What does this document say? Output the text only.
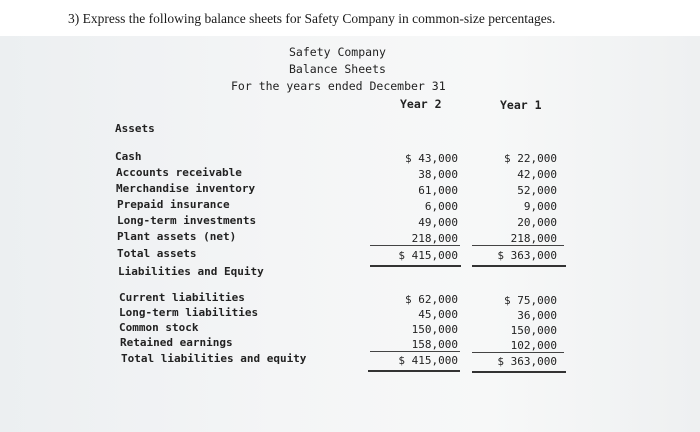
3) Express the following balance sheets for Safety Company in common-size percentages.
Safety Company
Balance Sheets
For the years ended December 31
Year 2	Year 1
Assets
Cash	$ 43,000	$ 22,000
Accounts receivable	38,000	42,000
Merchandise inventory	61,000	52,000
Prepaid insurance	6,000	9,000
Long-term investments	49,000	20,000
Plant assets (net)	218,000	218,000
Total assets	$ 415,000	$ 363,000
Liabilities and Equity
Current liabilities	$ 62,000	$ 75,000
Long-term liabilities	45,000	36,000
Common stock	150,000	150,000
Retained earnings	158,000	102,000
Total liabilities and equity	$ 415,000	$ 363,000
